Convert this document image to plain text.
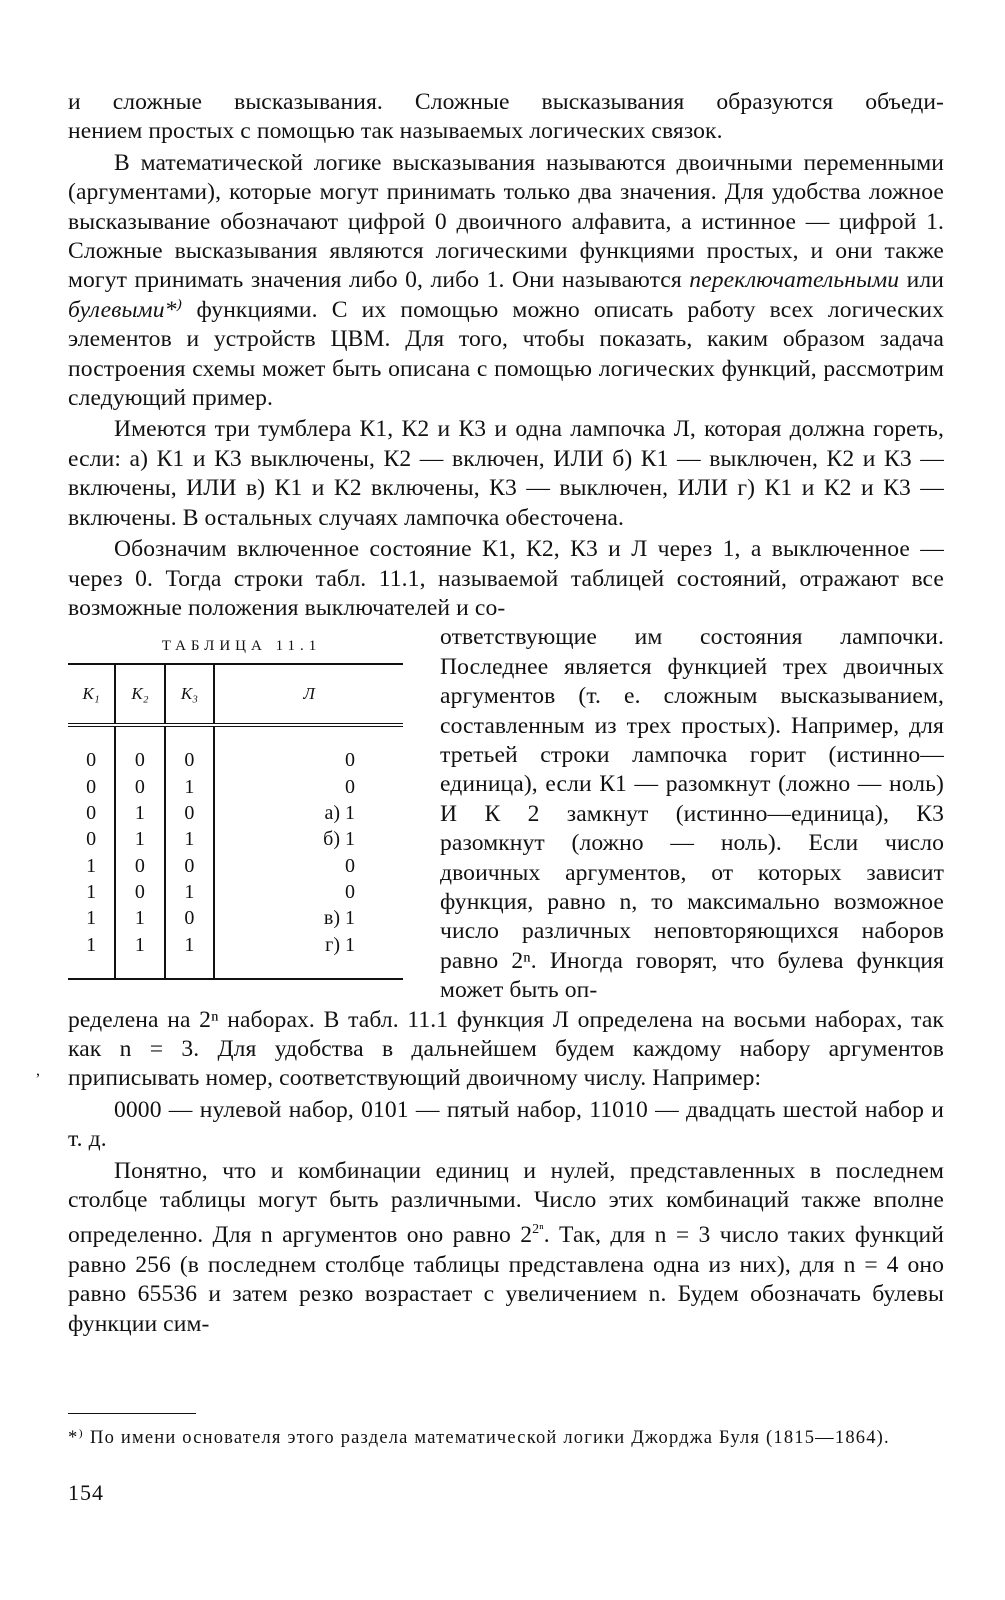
и сложные высказывания. Сложные высказывания образуются объеди-
нением простых с помощью так называемых логических связок.

В математической логике высказывания называются двоичными переменными (аргументами), которые могут принимать только два значения. Для удобства ложное высказывание обозначают цифрой 0 двоичного алфавита, а истинное — цифрой 1. Сложные высказывания являются логическими функциями простых, и они также могут принимать значения либо 0, либо 1. Они называются переключательными или булевыми*⁾ функциями. С их помощью можно описать работу всех логических элементов и устройств ЦВМ. Для того, чтобы показать, каким образом задача построения схемы может быть описана с помощью логических функций, рассмотрим следующий пример.

Имеются три тумблера К1, К2 и К3 и одна лампочка Л, которая должна гореть, если: а) К1 и К3 выключены, К2 — включен, ИЛИ б) К1 — выключен, К2 и К3 — включены, ИЛИ в) К1 и К2 включены, К3 — выключен, ИЛИ г) К1 и К2 и К3 — включены. В остальных случаях лампочка обесточена.

Обозначим включенное состояние К1, К2, К3 и Л через 1, а выключенное — через 0. Тогда строки табл. 11.1, называемой таблицей состояний, отражают все возможные положения выключателей и со-

ТАБЛИЦА 11.1
К₁	К₂	К₃	Л
0	0	0	0
0	0	1	0
0	1	0	а) 1
0	1	1	б) 1
1	0	0	0
1	0	1	0
1	1	0	в) 1
1	1	1	г) 1

ответствующие им состояния лампочки. Последнее является функцией трех двоичных аргументов (т. е. сложным высказыванием, составленным из трех простых). Например, для третьей строки лампочка горит (истинно—единица), если К1 — разомкнут (ложно — ноль) И К 2 замкнут (истинно—единица), К3 разомкнут (ложно — ноль). Если число двоичных аргументов, от которых зависит функция, равно n, то максимально возможное число различных неповторяющихся наборов равно 2ⁿ. Иногда говорят, что булева функция может быть оп-

ределена на 2ⁿ наборах. В табл. 11.1 функция Л определена на восьми наборах, так как n = 3. Для удобства в дальнейшем будем каждому набору аргументов приписывать номер, соответствующий двоичному числу. Например:

0000 — нулевой набор, 0101 — пятый набор, 11010 — двадцать шестой набор и т. д.

Понятно, что и комбинации единиц и нулей, представленных в последнем столбце таблицы могут быть различными. Число этих комбинаций также вполне определенно. Для n аргументов оно равно $2^{2^n}$. Так, для n = 3 число таких функций равно 256 (в последнем столбце таблицы представлена одна из них), для n = 4 оно равно 65536 и затем резко возрастает с увеличением n. Будем обозначать булевы функции сим-

,
*⁾ По имени основателя этого раздела математической логики Джорджа Буля (1815—1864).
154
